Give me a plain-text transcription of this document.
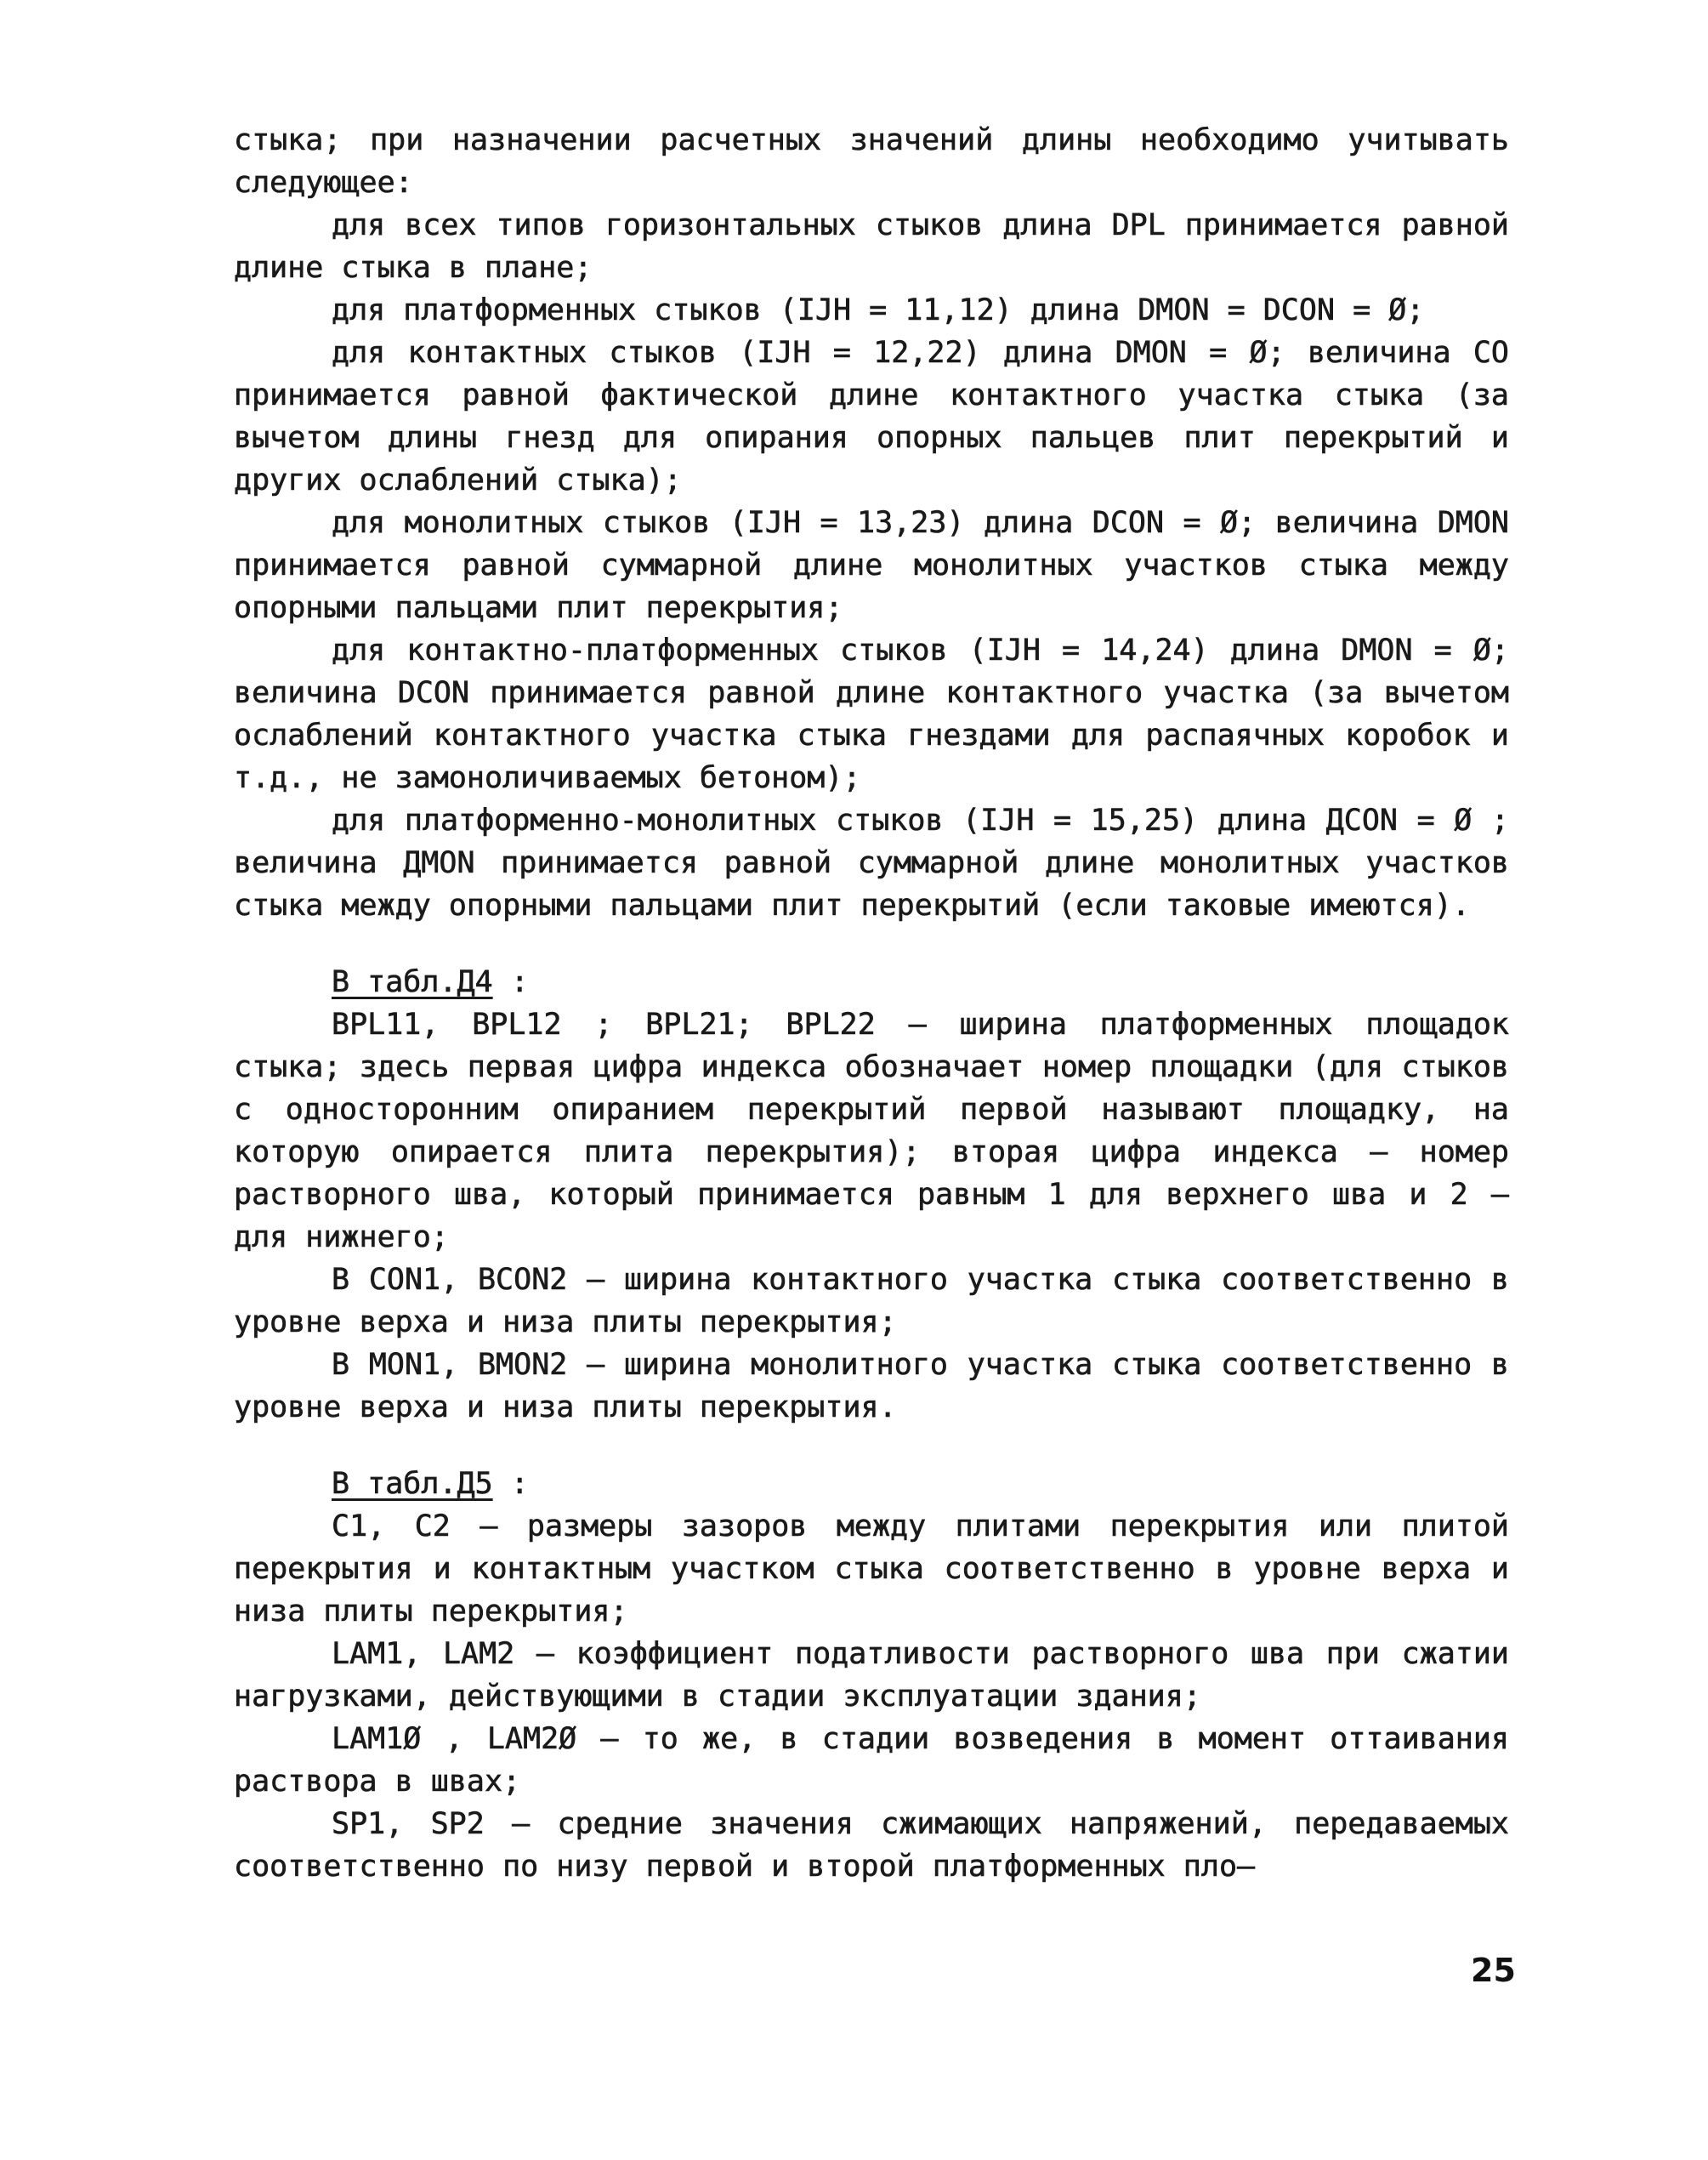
стыка; при назначении расчетных значений длины необходимо учитывать следующее:

для всех типов горизонтальных стыков длина DPL принимается равной длине стыка в плане;

для платформенных стыков (IJH = 11,12) длина DMON = DCON = Ø;

для контактных стыков (IJH = 12,22) длина DMON = Ø; величина CO принимается равной фактической длине контактного участка стыка (за вычетом длины гнезд для опирания опорных пальцев плит перекрытий и других ослаблений стыка);

для монолитных стыков (IJH = 13,23) длина DCON = Ø; величина DMON принимается равной суммарной длине монолитных участков стыка между опорными пальцами плит перекрытия;

для контактно-платформенных стыков (IJH = 14,24) длина DMON = Ø; величина DCON принимается равной длине контактного участка (за вычетом ослаблений контактного участка стыка гнездами для распаячных коробок и т.д., не замоноличиваемых бетоном);

для платформенно-монолитных стыков (IJH = 15,25) длина ДCON = Ø ; величина ДMON принимается равной суммарной длине монолитных участков стыка между опорными пальцами плит перекрытий (если таковые имеются).

В табл.Д4 :

BPL11, BPL12 ; BPL21; BPL22 – ширина платформенных площадок стыка; здесь первая цифра индекса обозначает номер площадки (для стыков с односторонним опиранием перекрытий первой называют площадку, на которую опирается плита перекрытия); вторая цифра индекса – номер растворного шва, который принимается равным 1 для верхнего шва и 2 – для нижнего;

B CON1, BCON2 – ширина контактного участка стыка соответственно в уровне верха и низа плиты перекрытия;

B MON1, BMON2 – ширина монолитного участка стыка соответственно в уровне верха и низа плиты перекрытия.

В табл.Д5 :

C1, C2 – размеры зазоров между плитами перекрытия или плитой перекрытия и контактным участком стыка соответственно в уровне верха и низа плиты перекрытия;

LAM1, LAM2 – коэффициент податливости растворного шва при сжатии нагрузками, действующими в стадии эксплуатации здания;

LAM1Ø , LAM2Ø – то же, в стадии возведения в момент оттаивания раствора в швах;

SP1, SP2 – средние значения сжимающих напряжений, передаваемых соответственно по низу первой и второй платформенных пло–

25
